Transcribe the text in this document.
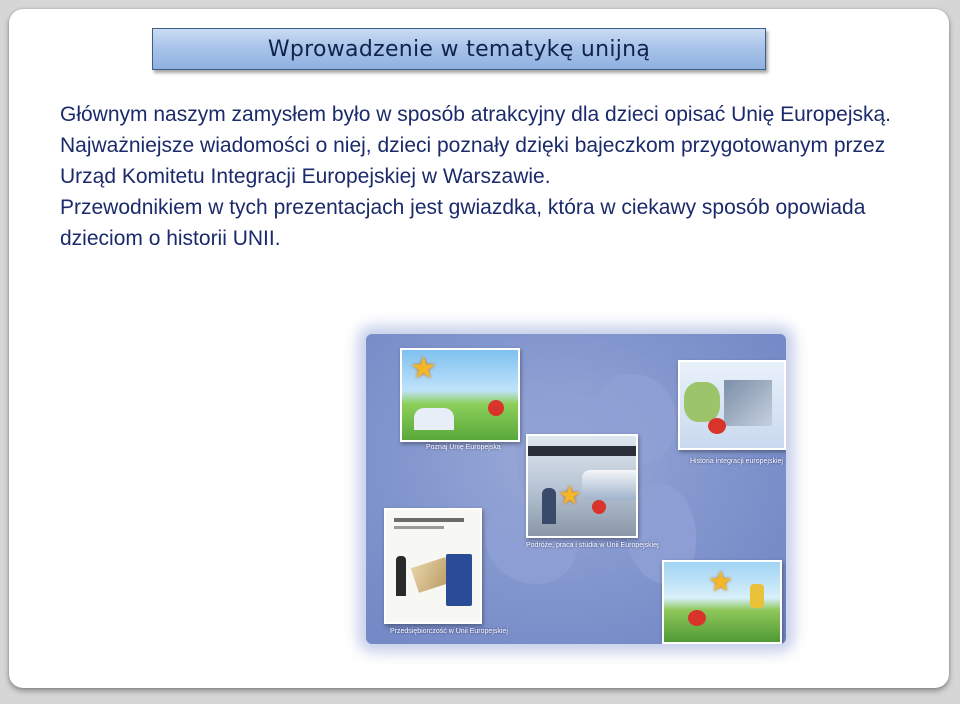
Wprowadzenie w tematykę unijną

Głównym naszym zamysłem było w sposób atrakcyjny dla dzieci opisać Unię Europejską.

Najważniejsze wiadomości o niej, dzieci poznały dzięki bajeczkom przygotowanym przez Urząd Komitetu Integracji Europejskiej w Warszawie.

Przewodnikiem w tych prezentacjach jest gwiazdka, która w ciekawy sposób opowiada dzieciom o historii UNII.

★
Poznaj Unię Europejską
Historia integracji europejskiej
★
Podróże, praca i studia w Unii Europejskiej
Przedsiębiorczość w Unii Europejskiej
★
